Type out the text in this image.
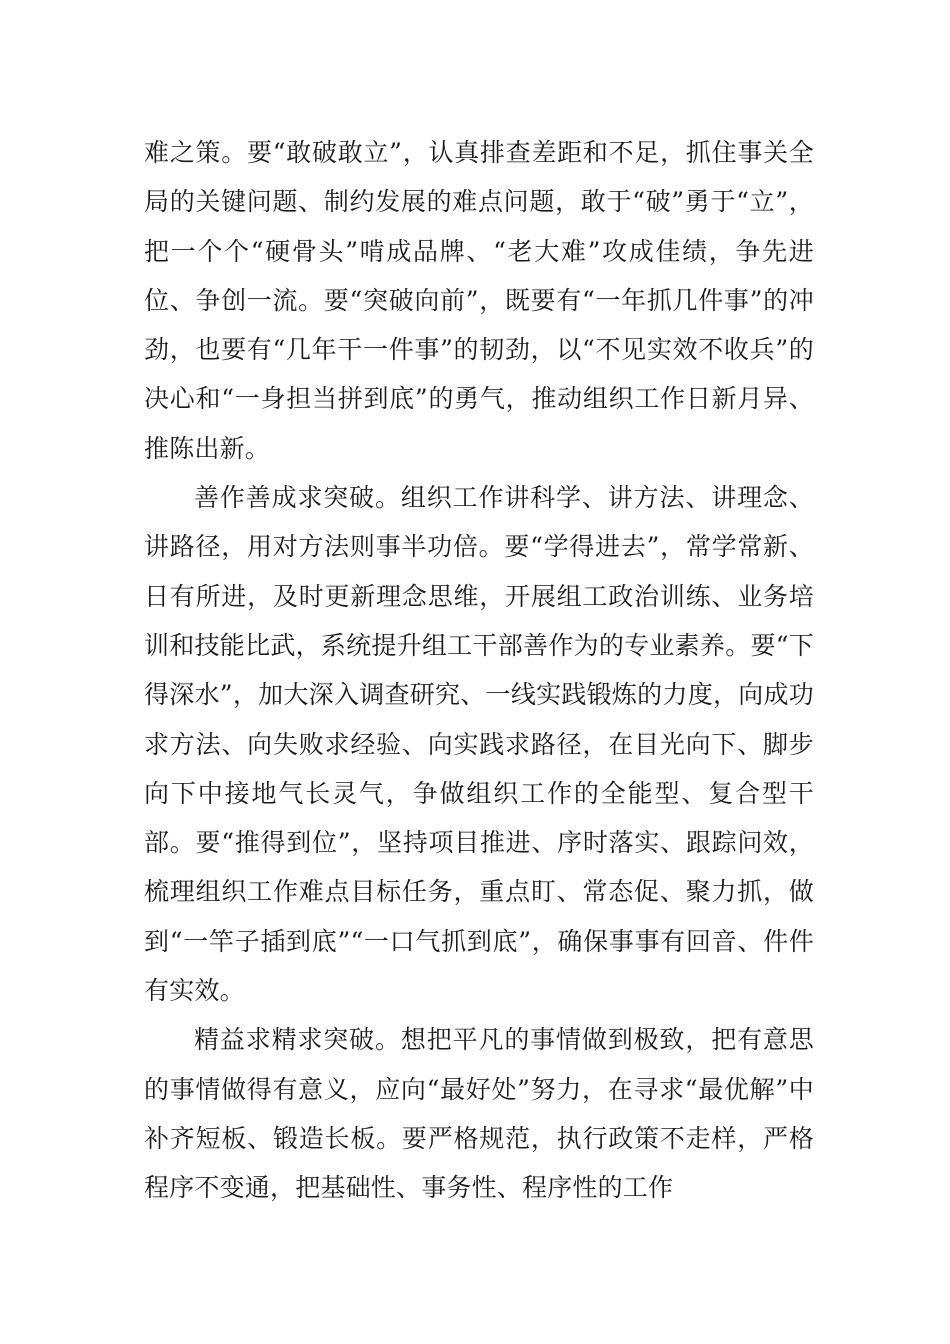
难之策。要“敢破敢立”，认真排查差距和不足，抓住事关全局的关键问题、制约发展的难点问题，敢于“破”勇于“立”，把一个个“硬骨头”啃成品牌、“老大难”攻成佳绩，争先进位、争创一流。要“突破向前”，既要有“一年抓几件事”的冲劲，也要有“几年干一件事”的韧劲，以“不见实效不收兵”的决心和“一身担当拼到底”的勇气，推动组织工作日新月异、推陈出新。

善作善成求突破。组织工作讲科学、讲方法、讲理念、讲路径，用对方法则事半功倍。要“学得进去”，常学常新、日有所进，及时更新理念思维，开展组工政治训练、业务培训和技能比武，系统提升组工干部善作为的专业素养。要“下得深水”，加大深入调查研究、一线实践锻炼的力度，向成功求方法、向失败求经验、向实践求路径，在目光向下、脚步向下中接地气长灵气，争做组织工作的全能型、复合型干部。要“推得到位”，坚持项目推进、序时落实、跟踪问效，梳理组织工作难点目标任务，重点盯、常态促、聚力抓，做到“一竿子插到底”“一口气抓到底”，确保事事有回音、件件有实效。

精益求精求突破。想把平凡的事情做到极致，把有意思的事情做得有意义，应向“最好处”努力，在寻求“最优解”中补齐短板、锻造长板。要严格规范，执行政策不走样，严格程序不变通，把基础性、事务性、程序性的工作
